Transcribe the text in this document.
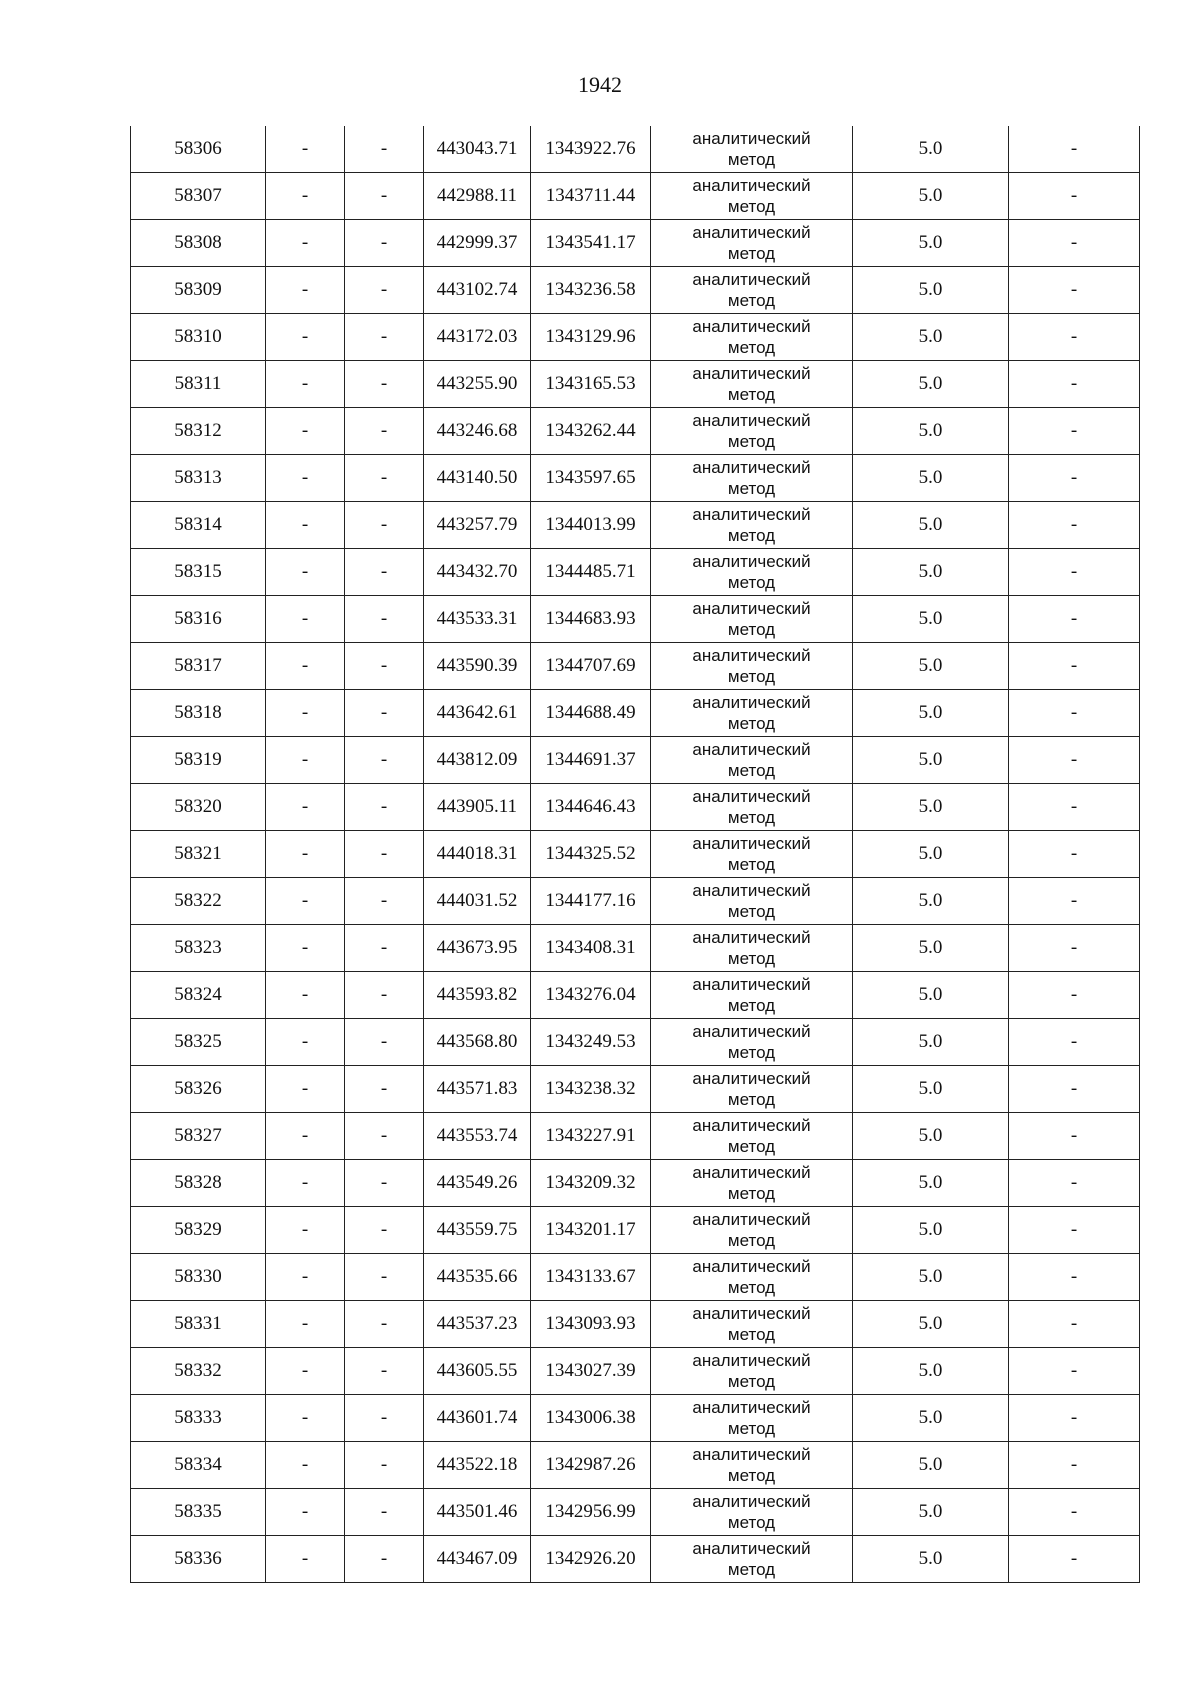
1942
58306	-	-	443043.71	1343922.76	аналитический
метод	5.0	-
58307	-	-	442988.11	1343711.44	аналитический
метод	5.0	-
58308	-	-	442999.37	1343541.17	аналитический
метод	5.0	-
58309	-	-	443102.74	1343236.58	аналитический
метод	5.0	-
58310	-	-	443172.03	1343129.96	аналитический
метод	5.0	-
58311	-	-	443255.90	1343165.53	аналитический
метод	5.0	-
58312	-	-	443246.68	1343262.44	аналитический
метод	5.0	-
58313	-	-	443140.50	1343597.65	аналитический
метод	5.0	-
58314	-	-	443257.79	1344013.99	аналитический
метод	5.0	-
58315	-	-	443432.70	1344485.71	аналитический
метод	5.0	-
58316	-	-	443533.31	1344683.93	аналитический
метод	5.0	-
58317	-	-	443590.39	1344707.69	аналитический
метод	5.0	-
58318	-	-	443642.61	1344688.49	аналитический
метод	5.0	-
58319	-	-	443812.09	1344691.37	аналитический
метод	5.0	-
58320	-	-	443905.11	1344646.43	аналитический
метод	5.0	-
58321	-	-	444018.31	1344325.52	аналитический
метод	5.0	-
58322	-	-	444031.52	1344177.16	аналитический
метод	5.0	-
58323	-	-	443673.95	1343408.31	аналитический
метод	5.0	-
58324	-	-	443593.82	1343276.04	аналитический
метод	5.0	-
58325	-	-	443568.80	1343249.53	аналитический
метод	5.0	-
58326	-	-	443571.83	1343238.32	аналитический
метод	5.0	-
58327	-	-	443553.74	1343227.91	аналитический
метод	5.0	-
58328	-	-	443549.26	1343209.32	аналитический
метод	5.0	-
58329	-	-	443559.75	1343201.17	аналитический
метод	5.0	-
58330	-	-	443535.66	1343133.67	аналитический
метод	5.0	-
58331	-	-	443537.23	1343093.93	аналитический
метод	5.0	-
58332	-	-	443605.55	1343027.39	аналитический
метод	5.0	-
58333	-	-	443601.74	1343006.38	аналитический
метод	5.0	-
58334	-	-	443522.18	1342987.26	аналитический
метод	5.0	-
58335	-	-	443501.46	1342956.99	аналитический
метод	5.0	-
58336	-	-	443467.09	1342926.20	аналитический
метод	5.0	-
